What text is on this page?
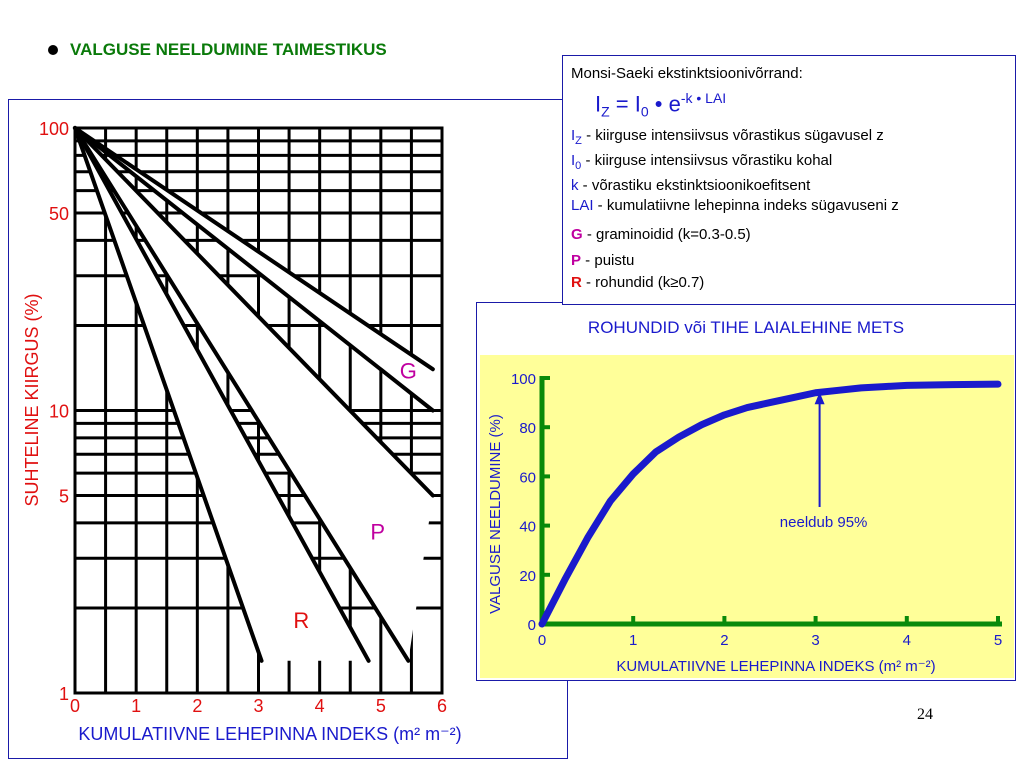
VALGUSE NEELDUMINE TAIMESTIKUS
G
P
R
100
50
10
5
1
0	1	2	3	4	5	6
KUMULATIIVNE LEHEPINNA INDEKS (m² m⁻²)
SUHTELINE KIIRGUS (%)
Monsi-Saeki ekstinktsioonivõrrand:
$I_Z = I_0$ • $e^{-k • LAI}$
$I_Z$ - kiirguse intensiivsus võrastikus sügavusel z
$I_0$ - kiirguse intensiivsus võrastiku kohal
k - võrastiku ekstinktsioonikoefitsent
LAI - kumulatiivne lehepinna indeks sügavuseni z
G - graminoidid (k=0.3-0.5)
P - puistu
R - rohundid (k≥0.7)
ROHUNDID või TIHE LAIALEHINE METS
0
20
40
60
80
100
0	1	2	3	4	5
neeldub 95%
KUMULATIIVNE LEHEPINNA INDEKS (m² m⁻²)
VALGUSE NEELDUMINE (%)
24
